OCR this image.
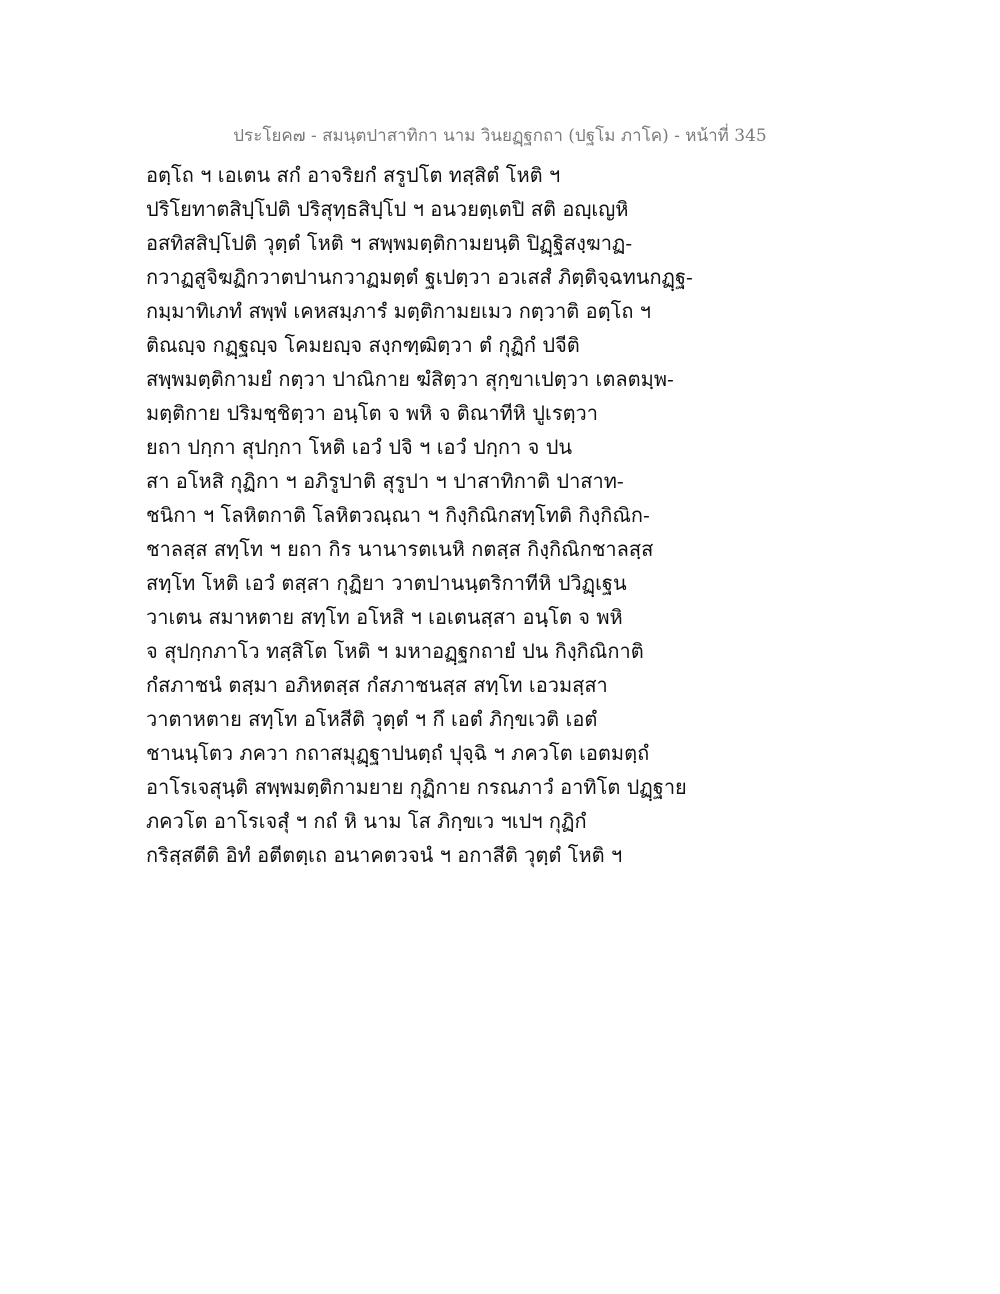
ประโยค๗ - สมนฺตปาสาทิกา นาม วินยฏฺฐกถา (ปฐโม ภาโค) - หน้าที่ 345
อตฺโถ ฯ เอเตน สกํ อาจริยกํ สรูปโต ทสฺสิตํ โหติ ฯ
ปริโยทาตสิปฺโปติ ปริสุทฺธสิปฺโป ฯ อนวยตฺเตปิ สติ อญฺเญหิ
อสทิสสิปฺโปติ วุตฺตํ โหติ ฯ สพฺพมตฺติกามยนฺติ ปิฏฺฐิสงฺฆาฏ-
กวาฏสูจิฆฏิกวาตปานกวาฏมตฺตํ ฐเปตฺวา อวเสสํ ภิตฺติจฺฉทนกฏฺฐ-
กมฺมาทิเภทํ สพฺพํ เคหสมฺภารํ มตฺติกามยเมว กตฺวาติ อตฺโถ ฯ
ติณญฺจ กฏฺฐญฺจ โคมยญฺจ สงฺกฑฺฒิตฺวา ตํ กุฏิกํ ปจีติ
สพฺพมตฺติกามยํ กตฺวา ปาณิกาย ฆํสิตฺวา สุกฺขาเปตฺวา เตลตมฺพ-
มตฺติกาย ปริมชฺชิตฺวา อนฺโต จ พหิ จ ติณาทีหิ ปูเรตฺวา
ยถา ปกฺกา สุปกฺกา โหติ เอวํ ปจิ ฯ เอวํ ปกฺกา จ ปน
สา อโหสิ กุฏิกา ฯ อภิรูปาติ สุรูปา ฯ ปาสาทิกาติ ปาสาท-
ชนิกา ฯ โลหิตกาติ โลหิตวณฺณา ฯ กิงฺกิณิกสทฺโทติ กิงฺกิณิก-
ชาลสฺส สทฺโท ฯ ยถา กิร นานารตเนหิ กตสฺส กิงฺกิณิกชาลสฺส
สทฺโท โหติ เอวํ ตสฺสา กุฏิยา วาตปานนฺตริกาทีหิ ปวิฏฺเฐน
วาเตน สมาหตาย สทฺโท อโหสิ ฯ เอเตนสฺสา อนฺโต จ พหิ
จ สุปกฺกภาโว ทสฺสิโต โหติ ฯ มหาอฏฺฐกถายํ ปน กิงฺกิณิกาติ
กํสภาชนํ ตสฺมา อภิหตสฺส กํสภาชนสฺส สทฺโท เอวมสฺสา
วาตาหตาย สทฺโท อโหสีติ วุตฺตํ ฯ กึ เอตํ ภิกฺขเวติ เอตํ
ชานนฺโตว ภควา กถาสมุฏฺฐาปนตฺถํ ปุจฺฉิ ฯ ภควโต เอตมตฺถํ
อาโรเจสุนฺติ สพฺพมตฺติกามยาย กุฏิกาย กรณภาวํ อาทิโต ปฏฺฐาย
ภควโต อาโรเจสุํ ฯ กถํ หิ นาม โส ภิกฺขเว ฯเปฯ กุฏิกํ
กริสฺสตีติ อิทํ อตีตตฺเถ อนาคตวจนํ ฯ อกาสีติ วุตฺตํ โหติ ฯ
